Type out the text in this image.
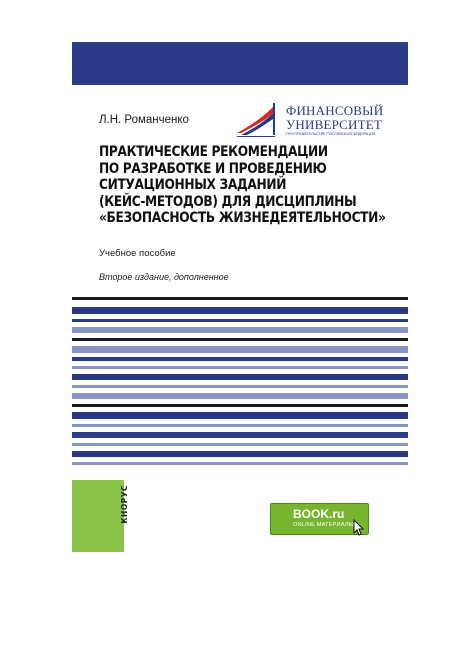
Л.Н. Романченко
ФИНАНСОВЫЙ
УНИВЕРСИТЕТ
ПРИ ПРАВИТЕЛЬСТВЕ РОССИЙСКОЙ ФЕДЕРАЦИИ
ПРАКТИЧЕСКИЕ РЕКОМЕНДАЦИИ
ПО РАЗРАБОТКЕ И ПРОВЕДЕНИЮ
СИТУАЦИОННЫХ ЗАДАНИЙ
(КЕЙС-МЕТОДОВ) ДЛЯ ДИСЦИПЛИНЫ
«БЕЗОПАСНОСТЬ ЖИЗНЕДЕЯТЕЛЬНОСТИ»
Учебное пособие
Второе издание, дополненное
КНОРУС	BOOK.ru
ONLINE МАТЕРИАЛЫ
